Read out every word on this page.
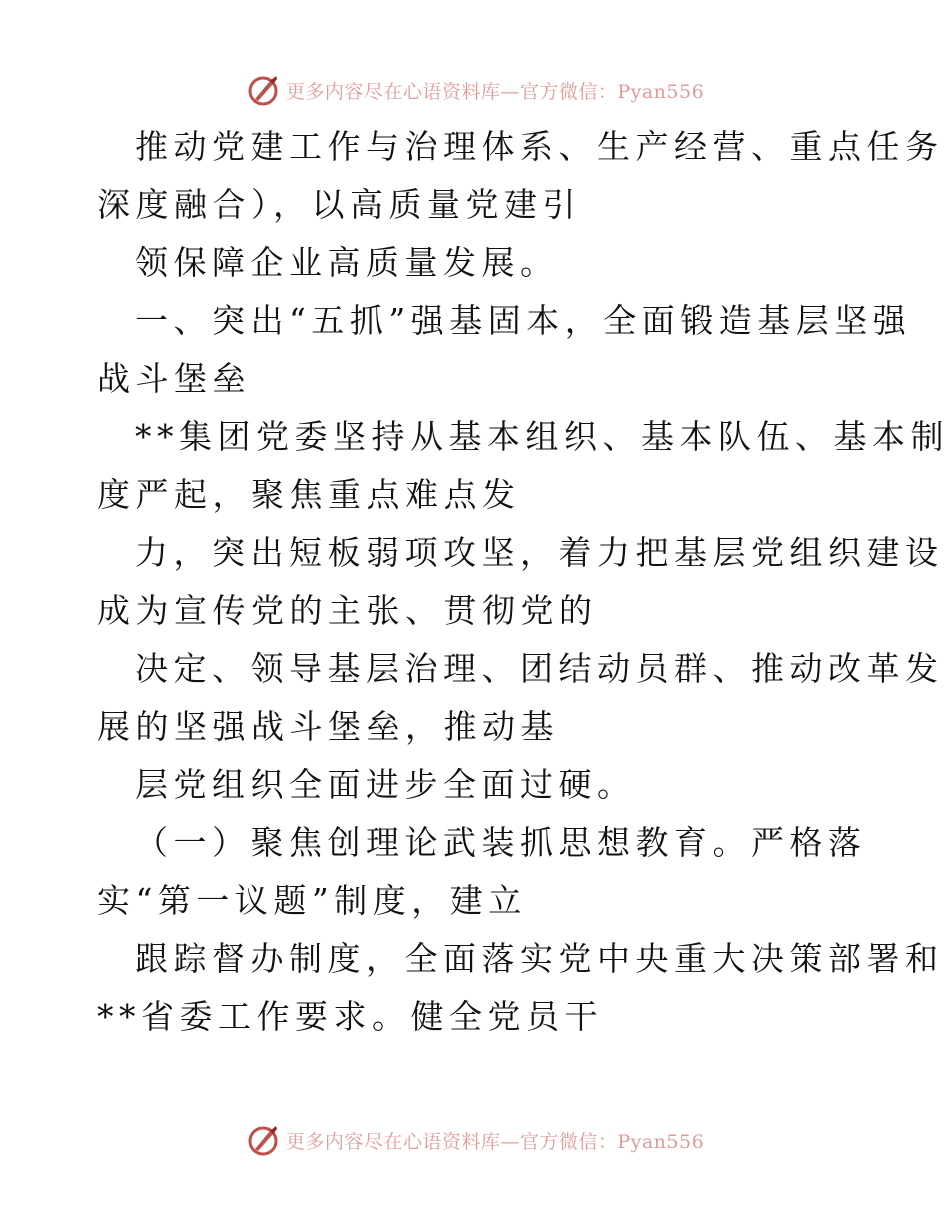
更多内容尽在心语资料库—官方微信：Pyan556
推动党建工作与治理体系、生产经营、重点任务
深度融合），以高质量党建引
领保障企业高质量发展。
一、突出“五抓”强基固本，全面锻造基层坚强
战斗堡垒
**集团党委坚持从基本组织、基本队伍、基本制
度严起，聚焦重点难点发
力，突出短板弱项攻坚，着力把基层党组织建设
成为宣传党的主张、贯彻党的
决定、领导基层治理、团结动员群、推动改革发
展的坚强战斗堡垒，推动基
层党组织全面进步全面过硬。
（一）聚焦创理论武装抓思想教育。严格落
实“第一议题”制度，建立
跟踪督办制度，全面落实党中央重大决策部署和
**省委工作要求。健全党员干
更多内容尽在心语资料库—官方微信：Pyan556
